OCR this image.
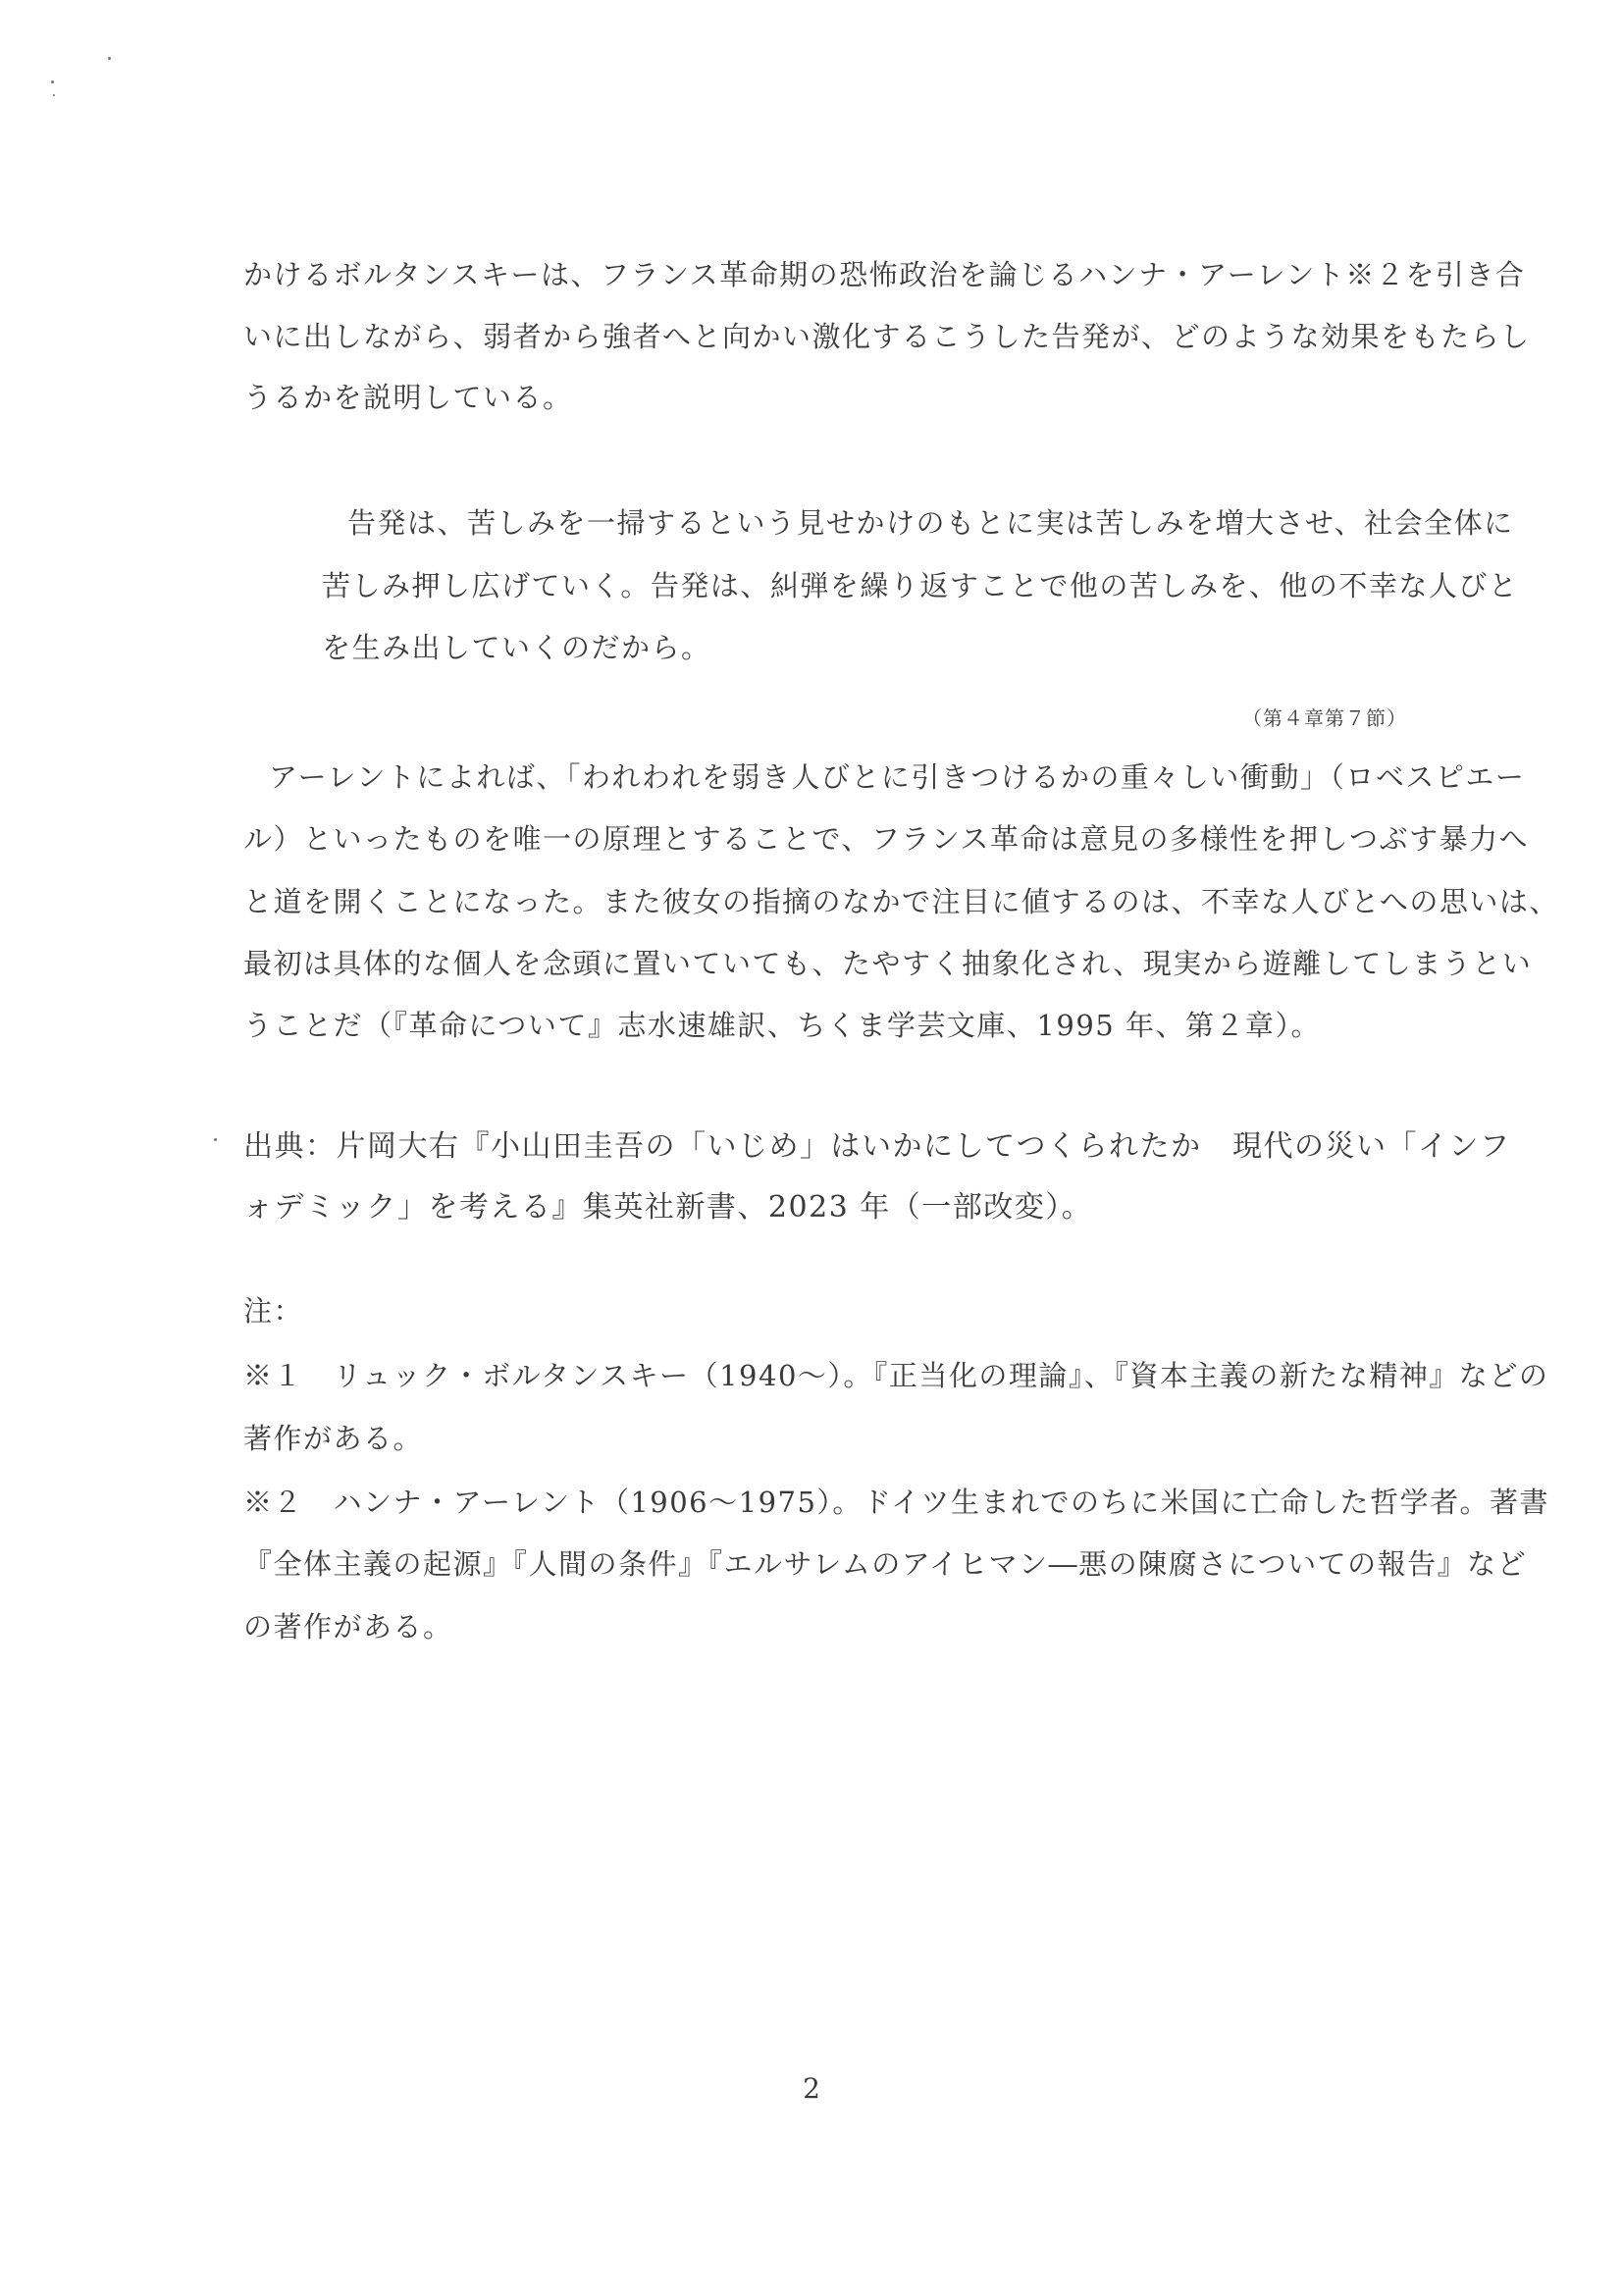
かけるボルタンスキーは、フランス革命期の恐怖政治を論じるハンナ・アーレント※２を引き合
いに出しながら、弱者から強者へと向かい激化するこうした告発が、どのような効果をもたらし
うるかを説明している。
告発は、苦しみを一掃するという見せかけのもとに実は苦しみを増大させ、社会全体に
苦しみ押し広げていく。告発は、糾弾を繰り返すことで他の苦しみを、他の不幸な人びと
を生み出していくのだから。
（第４章第７節）
アーレントによれば、「われわれを弱き人びとに引きつけるかの重々しい衝動」（ロベスピエー
ル）といったものを唯一の原理とすることで、フランス革命は意見の多様性を押しつぶす暴力へ
と道を開くことになった。また彼女の指摘のなかで注目に値するのは、不幸な人びとへの思いは、
最初は具体的な個人を念頭に置いていても、たやすく抽象化され、現実から遊離してしまうとい
うことだ（『革命について』志水速雄訳、ちくま学芸文庫、1995 年、第２章）。
出典：片岡大右『小山田圭吾の「いじめ」はいかにしてつくられたか　現代の災い「インフ
ォデミック」を考える』集英社新書、2023 年（一部改変）。
注：
※１　リュック・ボルタンスキー（1940～）。『正当化の理論』、『資本主義の新たな精神』などの
著作がある。
※２　ハンナ・アーレント（1906～1975）。ドイツ生まれでのちに米国に亡命した哲学者。著書
『全体主義の起源』『人間の条件』『エルサレムのアイヒマン―悪の陳腐さについての報告』など
の著作がある。
2
